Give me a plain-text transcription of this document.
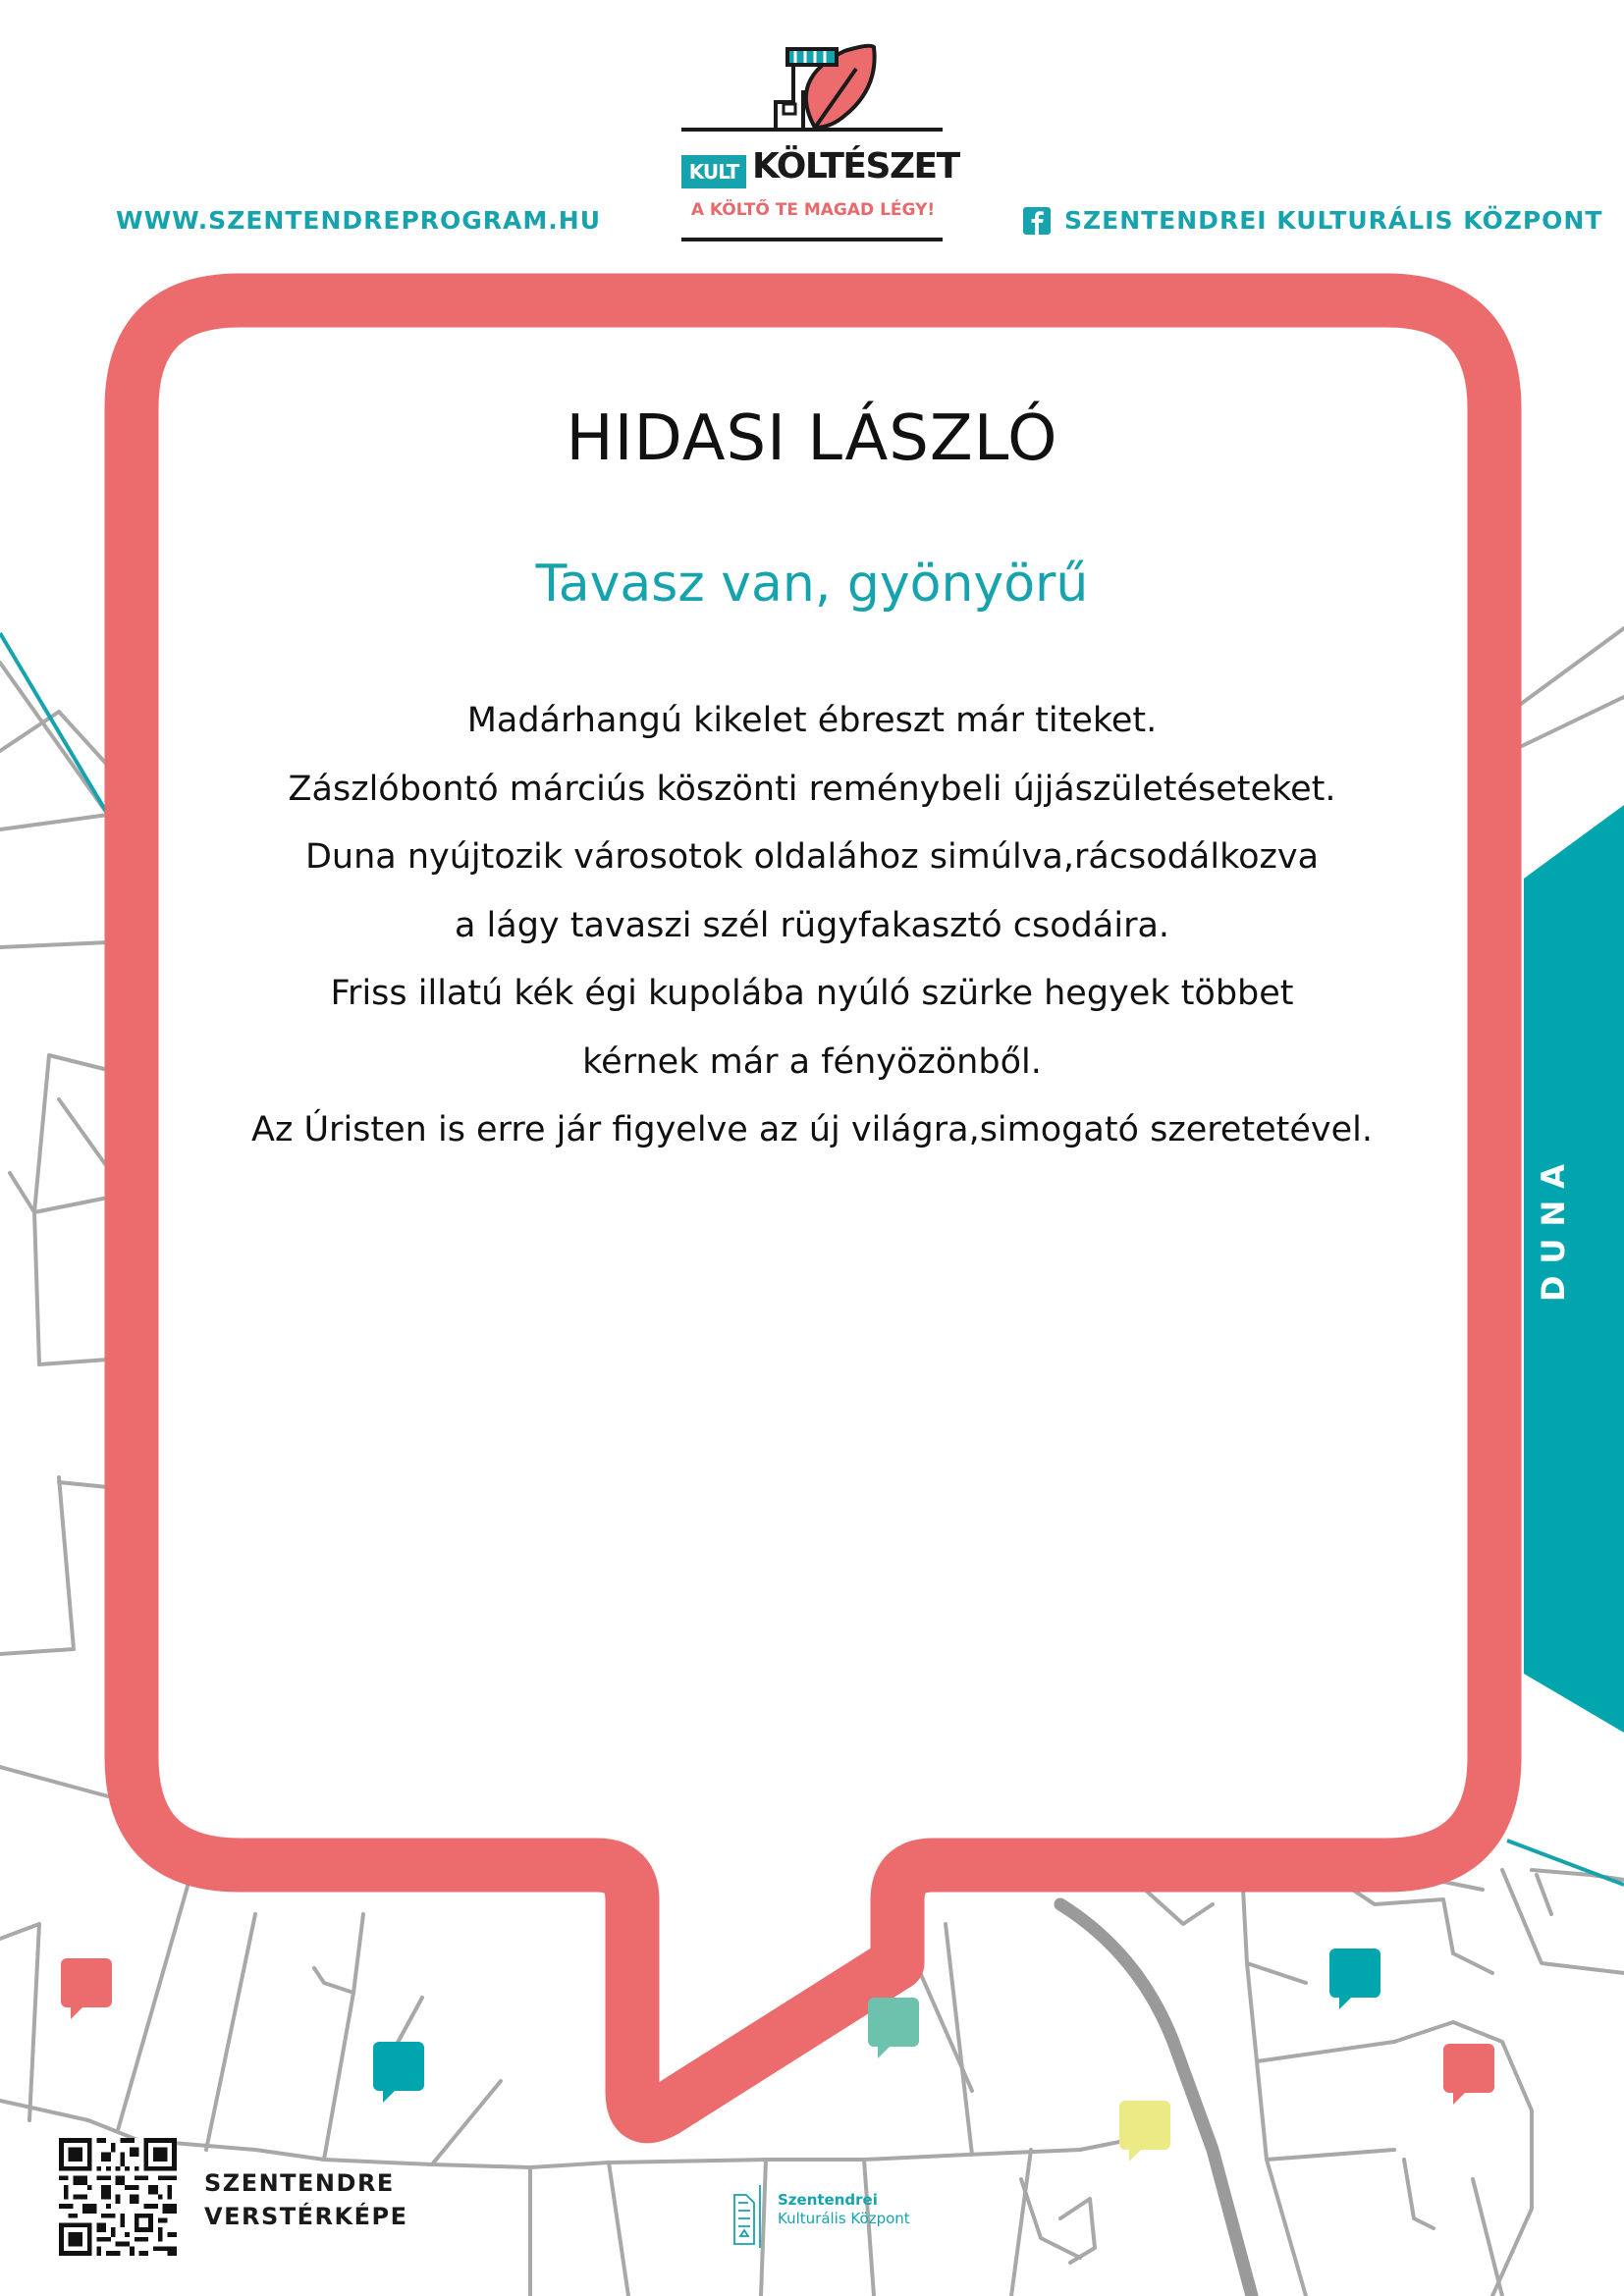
WWW.SZENTENDREPROGRAM.HU	SZENTENDREI KULTURÁLIS KÖZPONT
KULT KÖLTÉSZET
A KÖLTŐ TE MAGAD LÉGY!
HIDASI LÁSZLÓ
Tavasz van, gyönyörű
Madárhangú kikelet ébreszt már titeket.
Zászlóbontó márciús köszönti reménybeli újjászületéseteket.
Duna nyújtozik városotok oldalához simúlva,rácsodálkozva
a lágy tavaszi szél rügyfakasztó csodáira.
Friss illatú kék égi kupolába nyúló szürke hegyek többet
kérnek már a fényözönből.
Az Úristen is erre jár figyelve az új világra,simogató szeretetével.
DUNA
SZENTENDRE
VERSTÉRKÉPE
Szentendrei
Kulturális Központ
